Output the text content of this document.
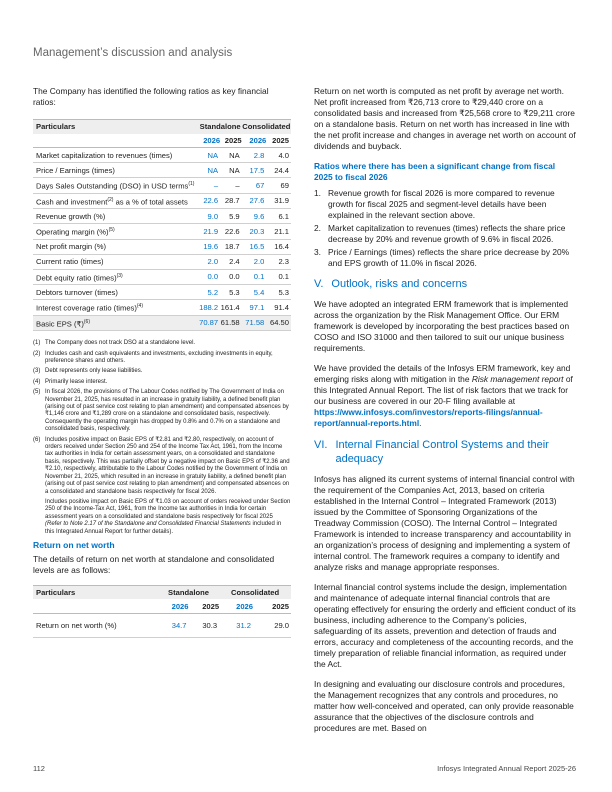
Management’s discussion and analysis

The Company has identified the following ratios as key financial ratios:

Particulars	Standalone		Consolidated	
	2026	2025	2026	2025
Market capitalization to revenues (times)	NA	NA	2.8	4.0
Price / Earnings (times)	NA	NA	17.5	24.4
Days Sales Outstanding (DSO) in USD terms$^{(1)}$	–	–	67	69
Cash and investment$^{(2)}$ as a % of total assets	22.6	28.7	27.6	31.9
Revenue growth (%)	9.0	5.9	9.6	6.1
Operating margin (%)$^{(5)}$	21.9	22.6	20.3	21.1
Net profit margin (%)	19.6	18.7	16.5	16.4
Current ratio (times)	2.0	2.4	2.0	2.3
Debt equity ratio (times)$^{(3)}$	0.0	0.0	0.1	0.1
Debtors turnover (times)	5.2	5.3	5.4	5.3
Interest coverage ratio (times)$^{(4)}$	188.2	161.4	97.1	91.4
Basic EPS (₹)$^{(6)}$	70.87	61.58	71.58	64.50
(1) The Company does not track DSO at a standalone level.
(2) Includes cash and cash equivalents and investments, excluding investments in equity, preference shares and others.
(3) Debt represents only lease liabilities.
(4) Primarily lease interest.
(5) In fiscal 2026, the provisions of The Labour Codes notified by The Government of India on November 21, 2025, has resulted in an increase in gratuity liability, a defined benefit plan (arising out of past service cost relating to plan amendment) and compensated absences by ₹1,146 crore and ₹1,289 crore on a standalone and consolidated basis, respectively. Consequently the operating margin has dropped by 0.8% and 0.7% on a standalone and consolidated basis, respectively.
(6) Includes positive impact on Basic EPS of ₹2.81 and ₹2.80, respectively, on account of orders received under Section 250 and 254 of the Income Tax Act, 1961, from the Income tax authorities in India for certain assessment years, on a consolidated and standalone basis, respectively. This was partially offset by a negative impact on Basic EPS of ₹2.36 and ₹2.10, respectively, attributable to the Labour Codes notified by the Government of India on November 21, 2025, which resulted in an increase in gratuity liability, a defined benefit plan (arising out of past service cost relating to plan amendment) and compensated absences on a consolidated and standalone basis respectively for fiscal 2026.
Includes positive impact on Basic EPS of ₹1.03 on account of orders received under Section 250 of the Income-Tax Act, 1961, from the Income tax authorities in India for certain assessment years on a consolidated and standalone basis respectively for fiscal 2025 (Refer to Note 2.17 of the Standalone and Consolidated Financial Statements included in this Integrated Annual Report for further details).
Return on net worth

The details of return on net worth at standalone and consolidated levels are as follows:

Particulars	Standalone		Consolidated	
	2026	2025	2026	2025
Return on net worth (%)	34.7	30.3	31.2	29.0

Return on net worth is computed as net profit by average net worth. Net profit increased from ₹26,713 crore to ₹29,440 crore on a consolidated basis and increased from ₹25,568 crore to ₹29,211 crore on a standalone basis. Return on net worth has increased in line with the net profit increase and changes in average net worth on account of dividends and buyback.

Ratios where there has been a significant change from fiscal 2025 to fiscal 2026
1. Revenue growth for fiscal 2026 is more compared to revenue growth for fiscal 2025 and segment-level details have been explained in the relevant section above.
2. Market capitalization to revenues (times) reflects the share price decrease by 20% and revenue growth of 9.6% in fiscal 2026.
3. Price / Earnings (times) reflects the share price decrease by 20% and EPS growth of 11.0% in fiscal 2026.
V. Outlook, risks and concerns

We have adopted an integrated ERM framework that is implemented across the organization by the Risk Management Office. Our ERM framework is developed by incorporating the best practices based on COSO and ISO 31000 and then tailored to suit our unique business requirements.

We have provided the details of the Infosys ERM framework, key and emerging risks along with mitigation in the Risk management report of this Integrated Annual Report. The list of risk factors that we track for our business are covered in our 20-F filing available at https://www.infosys.com/investors/reports-filings/annual-report/annual-reports.html.

VI. Internal Financial Control Systems and their adequacy

Infosys has aligned its current systems of internal financial control with the requirement of the Companies Act, 2013, based on criteria established in the Internal Control – Integrated Framework (2013) issued by the Committee of Sponsoring Organizations of the Treadway Commission (COSO). The Internal Control – Integrated Framework is intended to increase transparency and accountability in an organization’s process of designing and implementing a system of internal control. The framework requires a company to identify and analyze risks and manage appropriate responses.

Internal financial control systems include the design, implementation and maintenance of adequate internal financial controls that are operating effectively for ensuring the orderly and efficient conduct of its business, including adherence to the Company’s policies, safeguarding of its assets, prevention and detection of frauds and errors, accuracy and completeness of the accounting records, and the timely preparation of reliable financial information, as required under the Act.

In designing and evaluating our disclosure controls and procedures, the Management recognizes that any controls and procedures, no matter how well-conceived and operated, can only provide reasonable assurance that the objectives of the disclosure controls and procedures are met. Based on

112	Infosys Integrated Annual Report 2025-26
